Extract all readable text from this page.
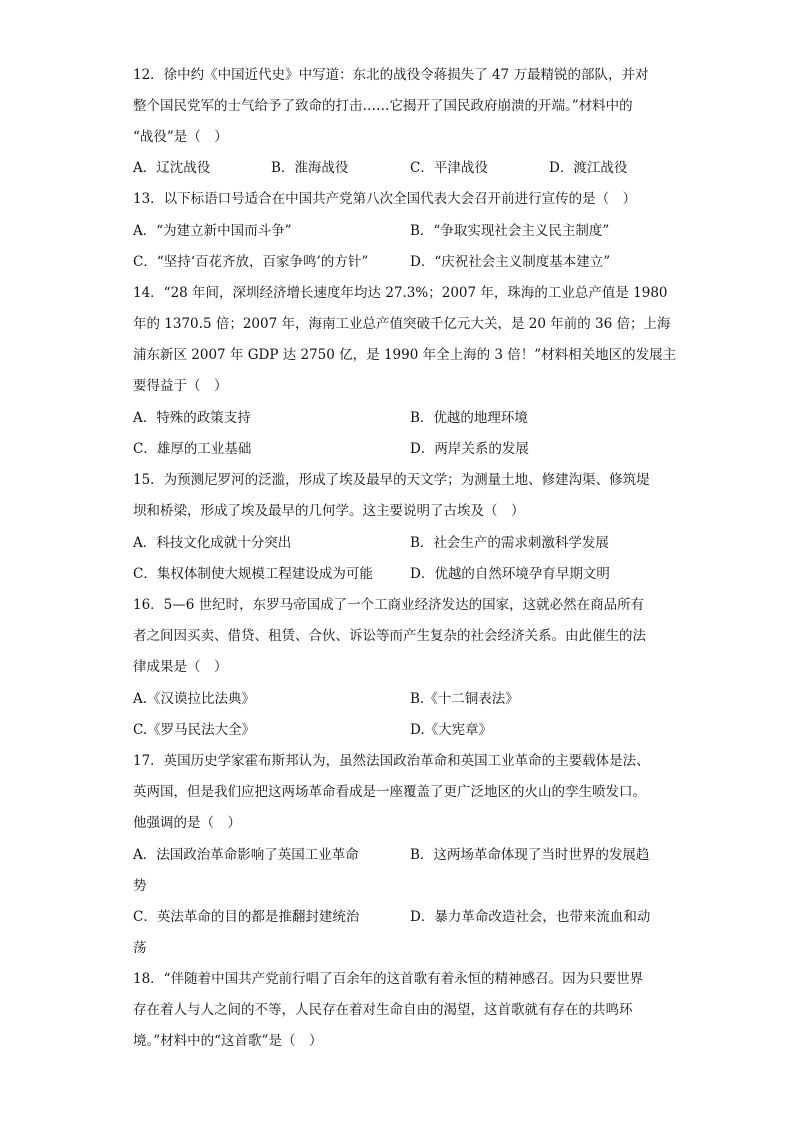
12．徐中约《中国近代史》中写道：东北的战役令蒋损失了 47 万最精锐的部队，并对
整个国民党军的士气给予了致命的打击……它揭开了国民政府崩溃的开端。”材料中的
“战役”是（　）
A．辽沈战役	B．淮海战役	C．平津战役	D．渡江战役
13．以下标语口号适合在中国共产党第八次全国代表大会召开前进行宣传的是（　）
A．“为建立新中国而斗争”	B．“争取实现社会主义民主制度”
C．“坚持‘百花齐放，百家争鸣’的方针”	D．“庆祝社会主义制度基本建立”
14．“28 年间，深圳经济增长速度年均达 27.3%；2007 年，珠海的工业总产值是 1980
年的 1370.5 倍；2007 年，海南工业总产值突破千亿元大关，是 20 年前的 36 倍；上海
浦东新区 2007 年 GDP 达 2750 亿，是 1990 年全上海的 3 倍！”材料相关地区的发展主
要得益于（　）
A．特殊的政策支持	B．优越的地理环境
C．雄厚的工业基础	D．两岸关系的发展
15．为预测尼罗河的泛滥，形成了埃及最早的天文学；为测量土地、修建沟渠、修筑堤
坝和桥梁，形成了埃及最早的几何学。这主要说明了古埃及（　）
A．科技文化成就十分突出	B．社会生产的需求刺激科学发展
C．集权体制使大规模工程建设成为可能	D．优越的自然环境孕育早期文明
16．5—6 世纪时，东罗马帝国成了一个工商业经济发达的国家，这就必然在商品所有
者之间因买卖、借贷、租赁、合伙、诉讼等而产生复杂的社会经济关系。由此催生的法
律成果是（　）
A.《汉谟拉比法典》	B.《十二铜表法》
C.《罗马民法大全》	D.《大宪章》
17．英国历史学家霍布斯邦认为，虽然法国政治革命和英国工业革命的主要载体是法、
英两国，但是我们应把这两场革命看成是一座覆盖了更广泛地区的火山的孪生喷发口。
他强调的是（　）
A．法国政治革命影响了英国工业革命	B．这两场革命体现了当时世界的发展趋
势
C．英法革命的目的都是推翻封建统治	D．暴力革命改造社会，也带来流血和动
荡
18．“伴随着中国共产党前行唱了百余年的这首歌有着永恒的精神感召。因为只要世界
存在着人与人之间的不等，人民存在着对生命自由的渴望，这首歌就有存在的共鸣环
境。”材料中的“这首歌”是（　）
